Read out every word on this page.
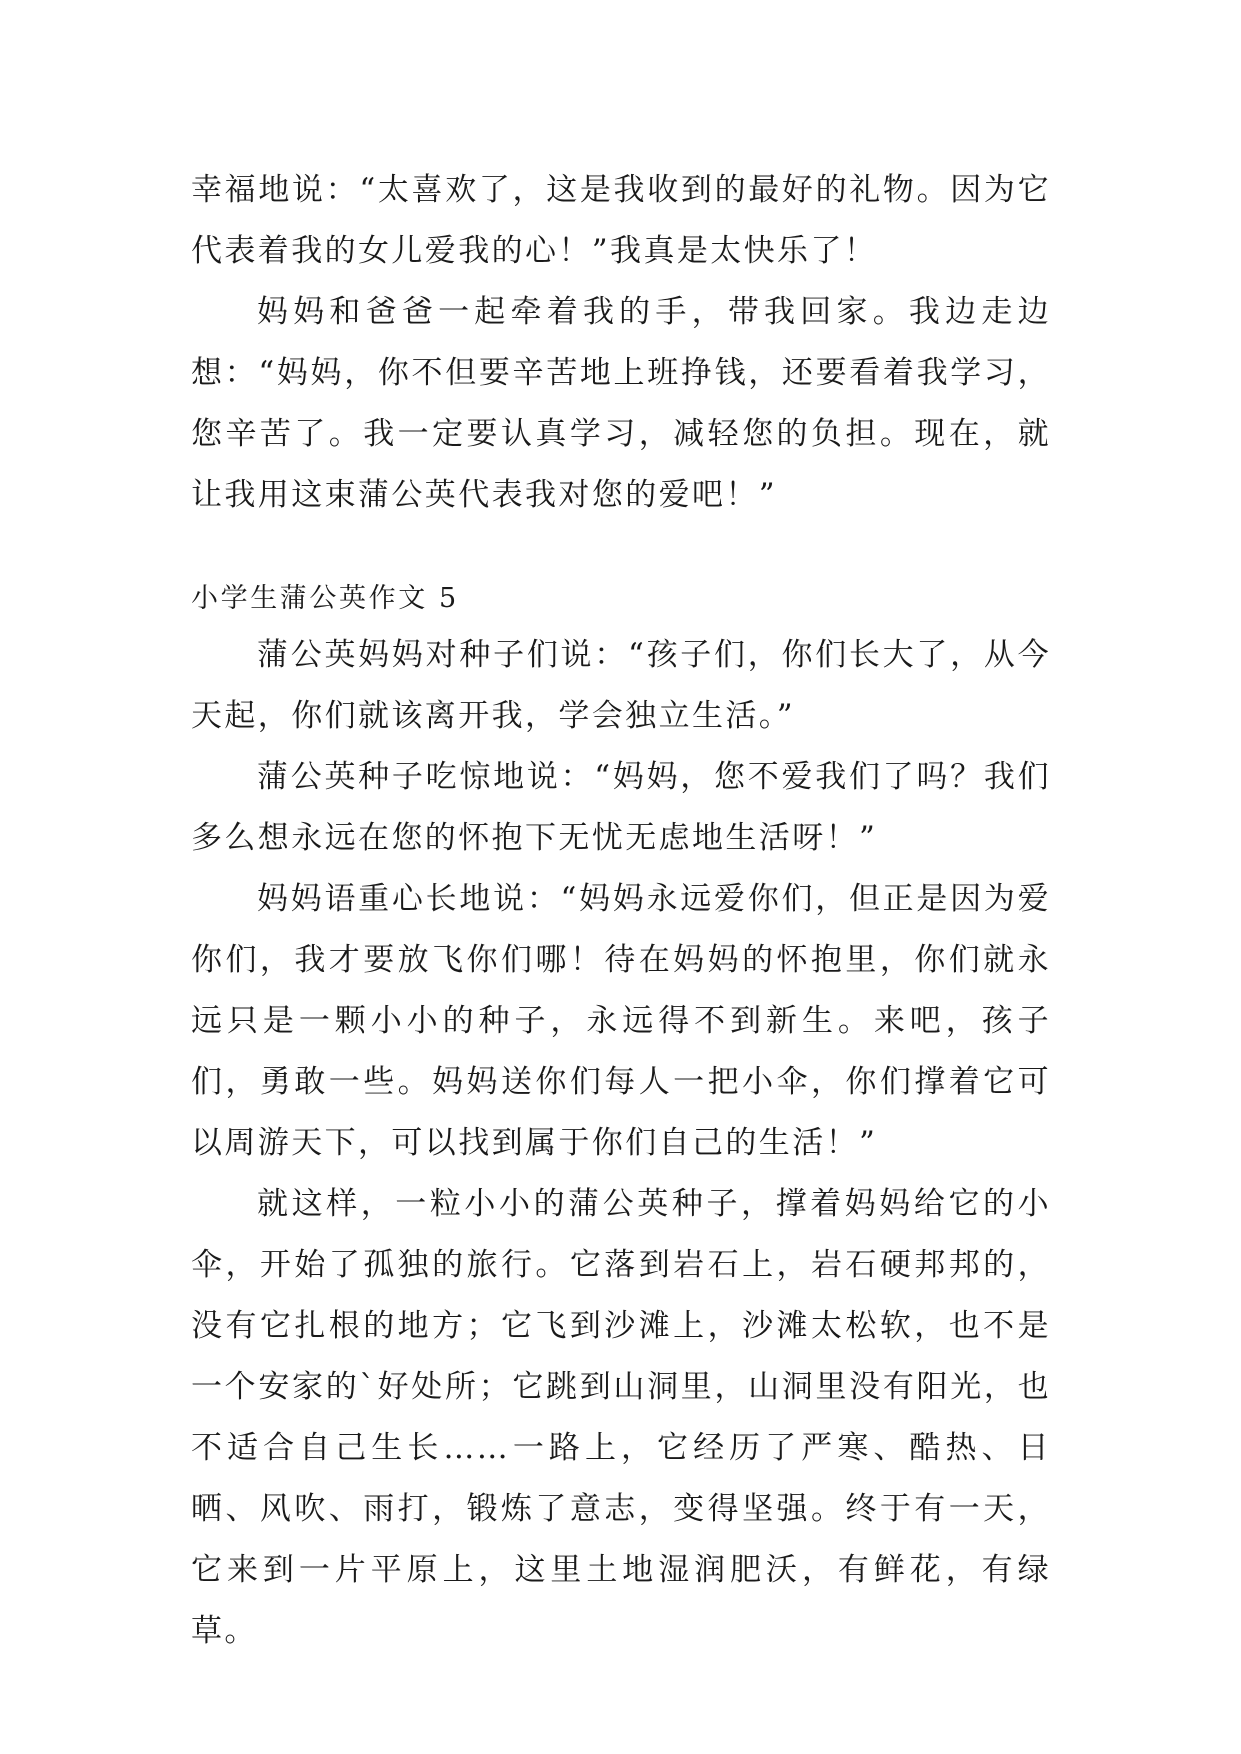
幸福地说：“太喜欢了，这是我收到的最好的礼物。因为它代表着我的女儿爱我的心！”我真是太快乐了！

妈妈和爸爸一起牵着我的手，带我回家。我边走边想：“妈妈，你不但要辛苦地上班挣钱，还要看着我学习，您辛苦了。我一定要认真学习，减轻您的负担。现在，就让我用这束蒲公英代表我对您的爱吧！”

小学生蒲公英作文 5

蒲公英妈妈对种子们说：“孩子们，你们长大了，从今天起，你们就该离开我，学会独立生活。”

蒲公英种子吃惊地说：“妈妈，您不爱我们了吗？我们多么想永远在您的怀抱下无忧无虑地生活呀！”

妈妈语重心长地说：“妈妈永远爱你们，但正是因为爱你们，我才要放飞你们哪！待在妈妈的怀抱里，你们就永远只是一颗小小的种子，永远得不到新生。来吧，孩子们，勇敢一些。妈妈送你们每人一把小伞，你们撑着它可以周游天下，可以找到属于你们自己的生活！”

就这样，一粒小小的蒲公英种子，撑着妈妈给它的小伞，开始了孤独的旅行。它落到岩石上，岩石硬邦邦的，没有它扎根的地方；它飞到沙滩上，沙滩太松软，也不是一个安家的`好处所；它跳到山洞里，山洞里没有阳光，也不适合自己生长……一路上，它经历了严寒、酷热、日晒、风吹、雨打，锻炼了意志，变得坚强。终于有一天，它来到一片平原上，这里土地湿润肥沃，有鲜花，有绿草。
